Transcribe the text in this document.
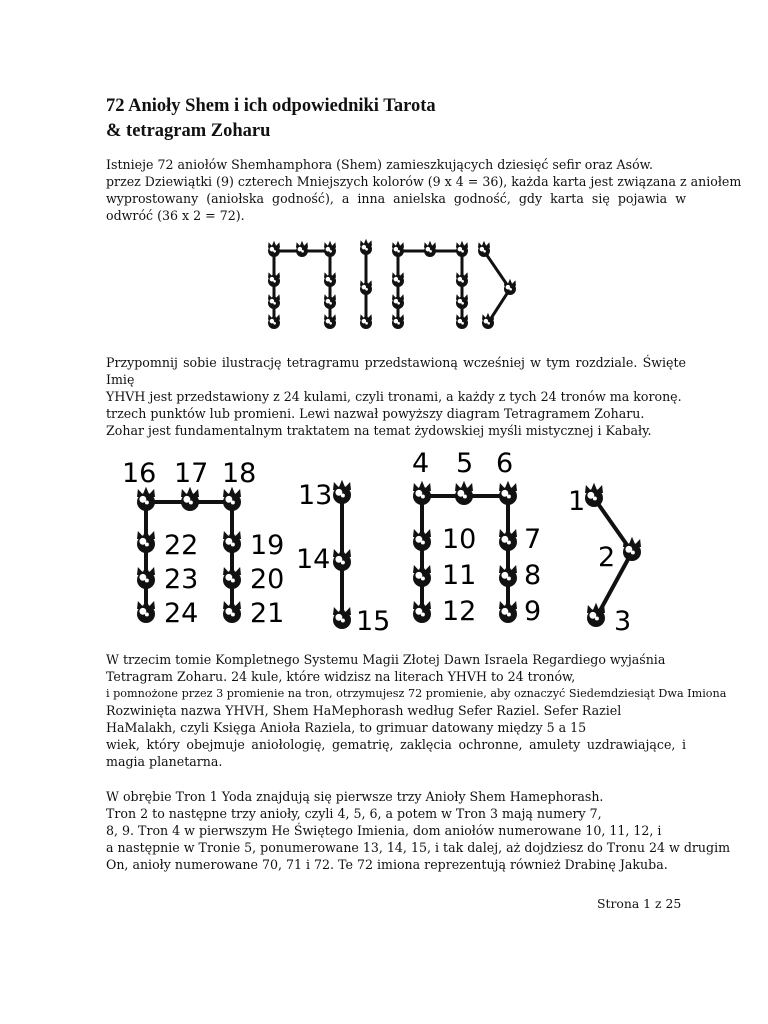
72 Anioły Shem i ich odpowiedniki Tarota
& tetragram Zoharu
Istnieje 72 aniołów Shemhamphora (Shem) zamieszkujących dziesięć sefir oraz Asów.
przez Dziewiątki (9) czterech Mniejszych kolorów (9 x 4 = 36), każda karta jest związana z aniołem
wyprostowany (aniołska godność), a inna anielska godność, gdy karta się pojawia w
odwróć (36 x 2 = 72).
Przypomnij sobie ilustrację tetragramu przedstawioną wcześniej w tym rozdziale. Święte Imię
YHVH jest przedstawiony z 24 kulami, czyli tronami, a każdy z tych 24 tronów ma koronę.
trzech punktów lub promieni. Lewi nazwał powyższy diagram Tetragramem Zoharu.
Zohar jest fundamentalnym traktatem na temat żydowskiej myśli mistycznej i Kabały.
16 17 18
22 19
23 20
24 21
13
14
15
4 5 6
10 7
11 8
12 9
1
2
3
W trzecim tomie Kompletnego Systemu Magii Złotej Dawn Israela Regardiego wyjaśnia
Tetragram Zoharu. 24 kule, które widzisz na literach YHVH to 24 tronów,
i pomnożone przez 3 promienie na tron, otrzymujesz 72 promienie, aby oznaczyć Siedemdziesiąt Dwa Imiona
Rozwinięta nazwa YHVH, Shem HaMephorash według Sefer Raziel. Sefer Raziel
HaMalakh, czyli Księga Anioła Raziela, to grimuar datowany między 5 a 15
wiek, który obejmuje aniołologię, gematrię, zaklęcia ochronne, amulety uzdrawiające, i
magia planetarna.
W obrębie Tron 1 Yoda znajdują się pierwsze trzy Anioły Shem Hamephorash.
Tron 2 to następne trzy anioły, czyli 4, 5, 6, a potem w Tron 3 mają numery 7,
8, 9. Tron 4 w pierwszym He Świętego Imienia, dom aniołów numerowane 10, 11, 12, i
a następnie w Tronie 5, ponumerowane 13, 14, 15, i tak dalej, aż dojdziesz do Tronu 24 w drugim
On, anioły numerowane 70, 71 i 72. Te 72 imiona reprezentują również Drabinę Jakuba.
Strona 1 z 25
